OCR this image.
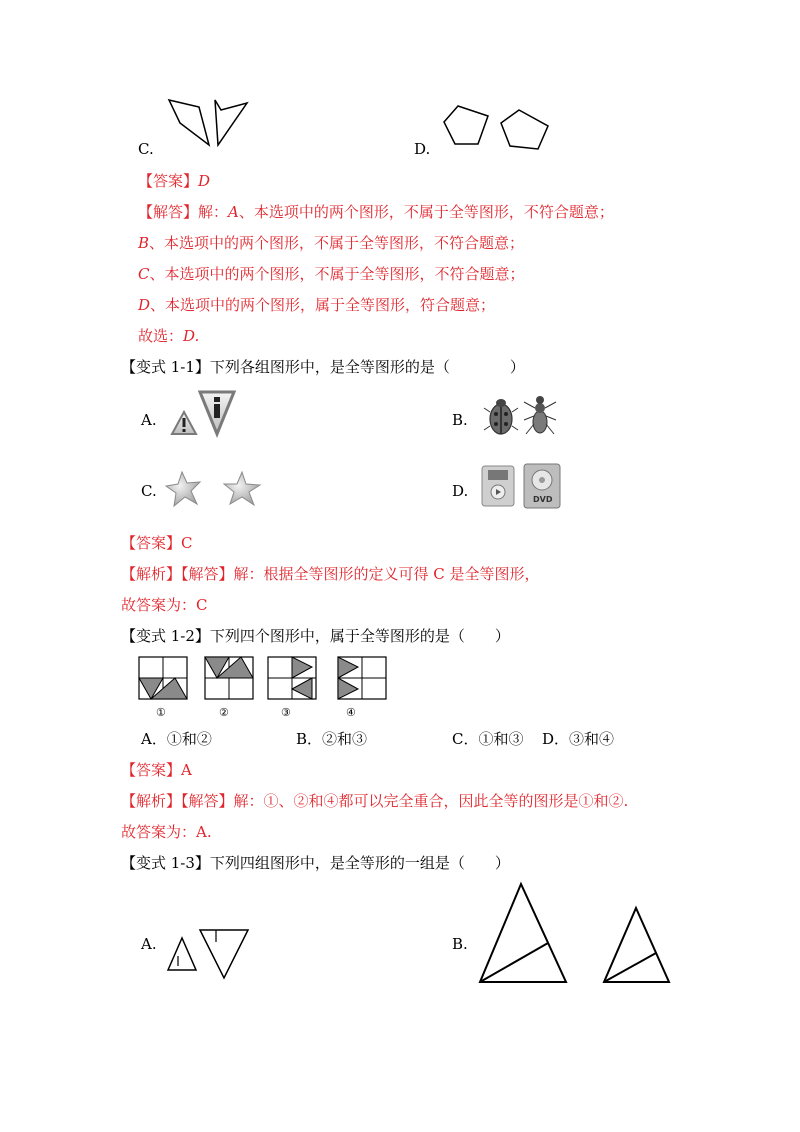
C.	D.
【答案】D
【解答】解：A、本选项中的两个图形，不属于全等图形，不符合题意；
B、本选项中的两个图形，不属于全等图形，不符合题意；
C、本选项中的两个图形，不属于全等图形，不符合题意；
D、本选项中的两个图形，属于全等图形，符合题意；
故选：D.
【变式 1-1】下列各组图形中，是全等图形的是（　　　　）
A.	B.
C.	D.	DVD
【答案】C
【解析】【解答】解：根据全等图形的定义可得 C 是全等图形，
故答案为：C
【变式 1-2】下列四个图形中，属于全等图形的是（　　）
①	②	③	④
A．①和②	B．②和③	C．①和③ D．③和④
【答案】A
【解析】【解答】解：①、②和④都可以完全重合，因此全等的图形是①和②.
故答案为：A.
【变式 1-3】下列四组图形中，是全等形的一组是（　　）
A.	B.
